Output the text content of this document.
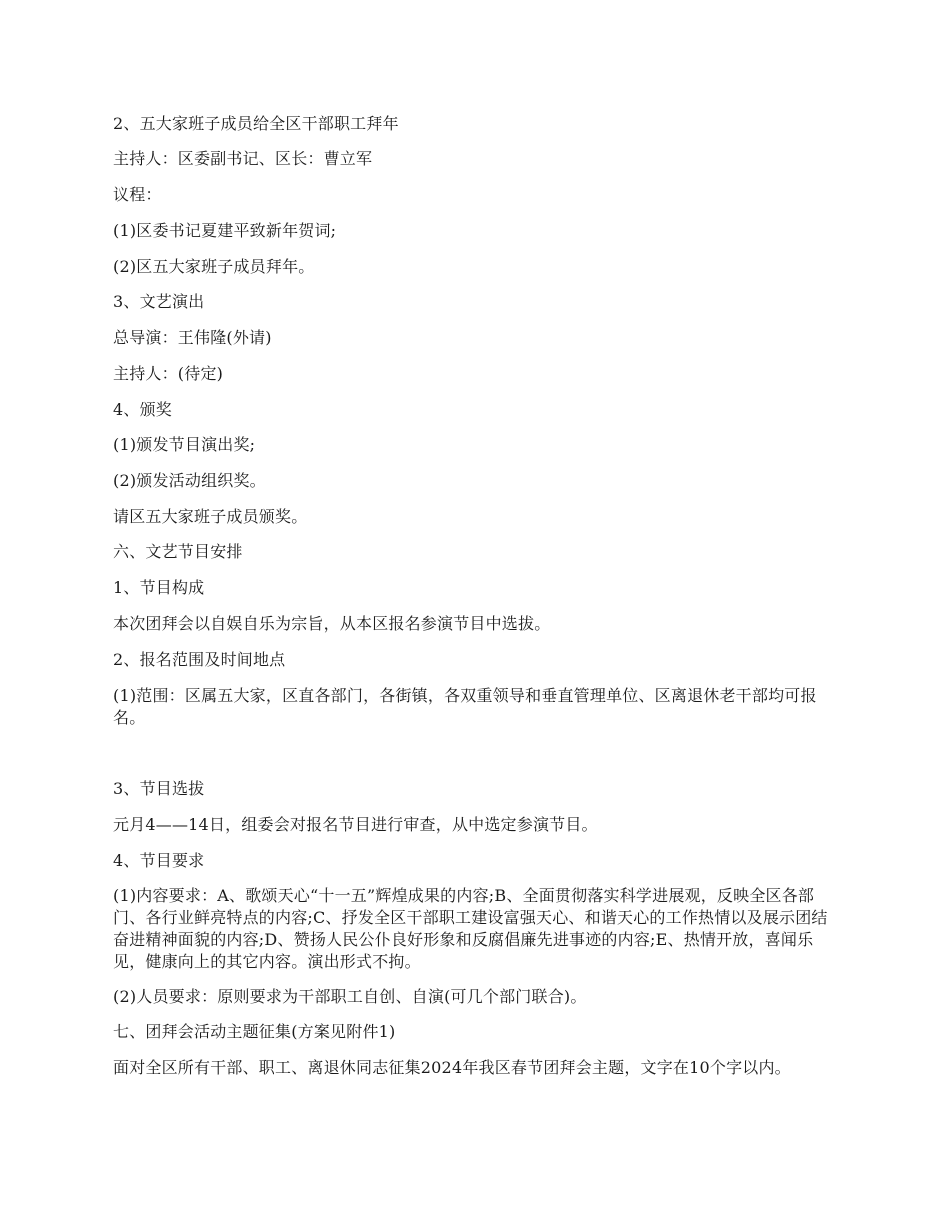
2、五大家班子成员给全区干部职工拜年

主持人：区委副书记、区长：曹立军

议程：

(1)区委书记夏建平致新年贺词;

(2)区五大家班子成员拜年。

3、文艺演出

总导演：王伟隆(外请)

主持人：(待定)

4、颁奖

(1)颁发节目演出奖;

(2)颁发活动组织奖。

请区五大家班子成员颁奖。

六、文艺节目安排

1、节目构成

本次团拜会以自娱自乐为宗旨，从本区报名参演节目中选拔。

2、报名范围及时间地点

(1)范围：区属五大家，区直各部门，各街镇，各双重领导和垂直管理单位、区离退休老干部均可报名。

3、节目选拔

元月4——14日，组委会对报名节目进行审查，从中选定参演节目。

4、节目要求

(1)内容要求：A、歌颂天心“十一五”辉煌成果的内容;B、全面贯彻落实科学进展观，反映全区各部门、各行业鲜亮特点的内容;C、抒发全区干部职工建设富强天心、和谐天心的工作热情以及展示团结奋进精神面貌的内容;D、赞扬人民公仆良好形象和反腐倡廉先进事迹的内容;E、热情开放，喜闻乐见，健康向上的其它内容。演出形式不拘。

(2)人员要求：原则要求为干部职工自创、自演(可几个部门联合)。

七、团拜会活动主题征集(方案见附件1)

面对全区所有干部、职工、离退休同志征集2024年我区春节团拜会主题，文字在10个字以内。
